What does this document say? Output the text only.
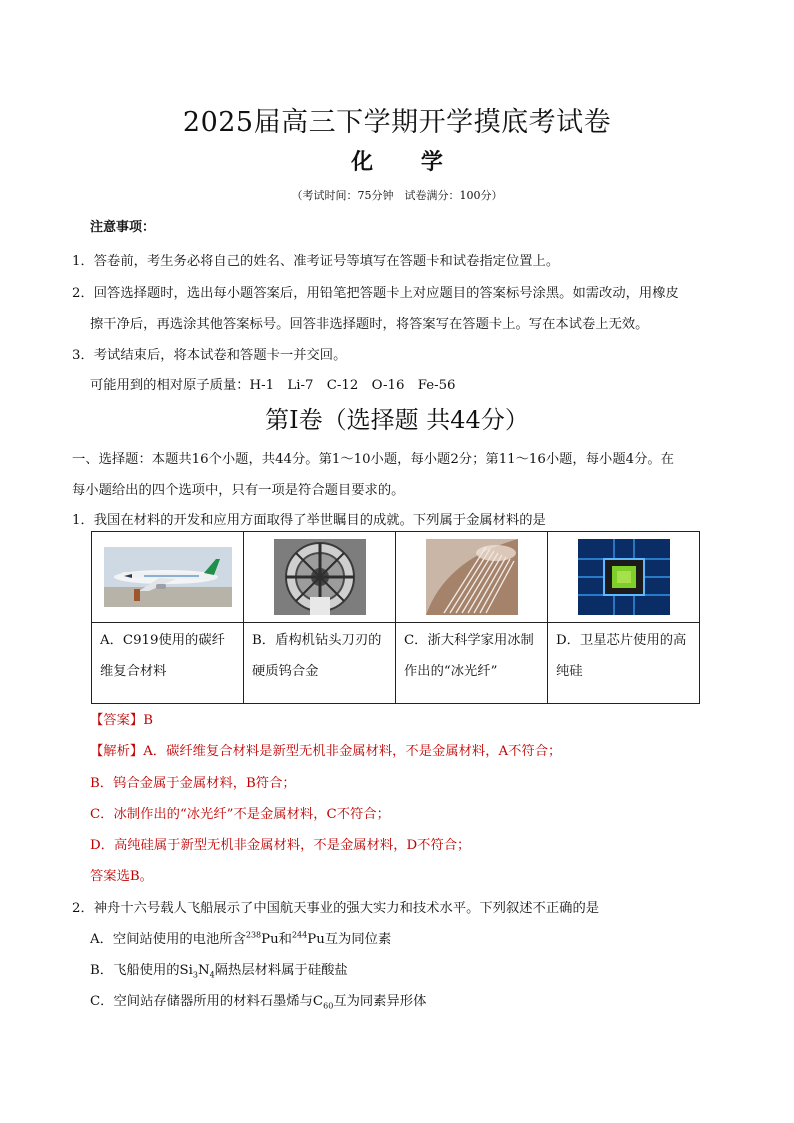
2025届高三下学期开学摸底考试卷
化 学
（考试时间：75分钟　试卷满分：100分）
注意事项：
1．答卷前，考生务必将自己的姓名、准考证号等填写在答题卡和试卷指定位置上。
2．回答选择题时，选出每小题答案后，用铅笔把答题卡上对应题目的答案标号涂黑。如需改动，用橡皮
擦干净后，再选涂其他答案标号。回答非选择题时，将答案写在答题卡上。写在本试卷上无效。
3．考试结束后，将本试卷和答题卡一并交回。
可能用到的相对原子质量：H-1　Li-7　C-12　O-16　Fe-56
第Ⅰ卷（选择题 共44分）
一、选择题：本题共16个小题，共44分。第1～10小题，每小题2分；第11～16小题，每小题4分。在
每小题给出的四个选项中，只有一项是符合题目要求的。
1．我国在材料的开发和应用方面取得了举世瞩目的成就。下列属于金属材料的是

A．C919使用的碳纤维复合材料	B．盾构机钻头刀刃的硬质钨合金	C．浙大科学家用冰制作出的“冰光纤”	D．卫星芯片使用的高纯硅
【答案】B
【解析】A．碳纤维复合材料是新型无机非金属材料，不是金属材料，A不符合；
B．钨合金属于金属材料，B符合；
C．冰制作出的“冰光纤”不是金属材料，C不符合；
D．高纯硅属于新型无机非金属材料，不是金属材料，D不符合；
答案选B。
2．神舟十六号载人飞船展示了中国航天事业的强大实力和技术水平。下列叙述不正确的是
A．空间站使用的电池所含$^{238}$Pu和$^{244}$Pu互为同位素
B．飞船使用的$Si_3N_4$隔热层材料属于硅酸盐
C．空间站存储器所用的材料石墨烯与$C_{60}$互为同素异形体
